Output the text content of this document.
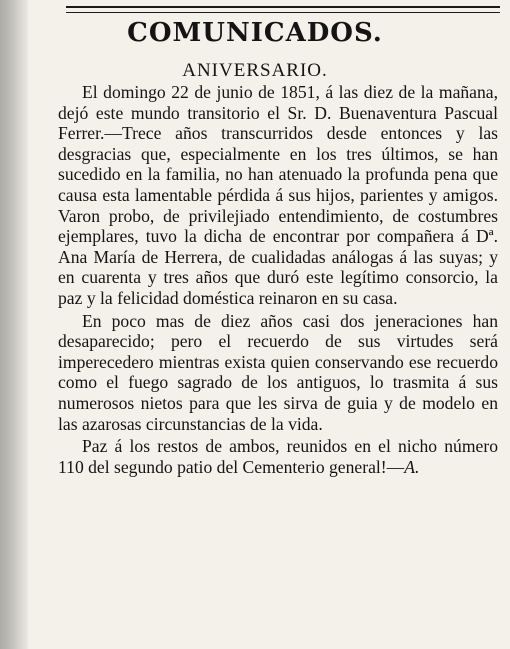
COMUNICADOS.
ANIVERSARIO.

El domingo 22 de junio de 1851, á las diez de la mañana, dejó este mundo transitorio el Sr. D. Buenaventura Pascual Ferrer.—Trece años transcurridos desde entonces y las desgracias que, especialmente en los tres últimos, se han sucedido en la familia, no han atenuado la profunda pena que causa esta lamentable pérdida á sus hijos, parientes y amigos. Varon probo, de privilejiado entendimiento, de costumbres ejemplares, tuvo la dicha de encontrar por compañera á Dª. Ana María de Herrera, de cualidadas análogas á las suyas; y en cuarenta y tres años que duró este legítimo consorcio, la paz y la felicidad doméstica reinaron en su casa.

En poco mas de diez años casi dos jeneraciones han desaparecido; pero el recuerdo de sus virtudes será imperecedero mientras exista quien conservando ese recuerdo como el fuego sagrado de los antiguos, lo trasmita á sus numerosos nietos para que les sirva de guia y de modelo en las azarosas circunstancias de la vida.

Paz á los restos de ambos, reunidos en el nicho número 110 del segundo patio del Cementerio general!—A.
